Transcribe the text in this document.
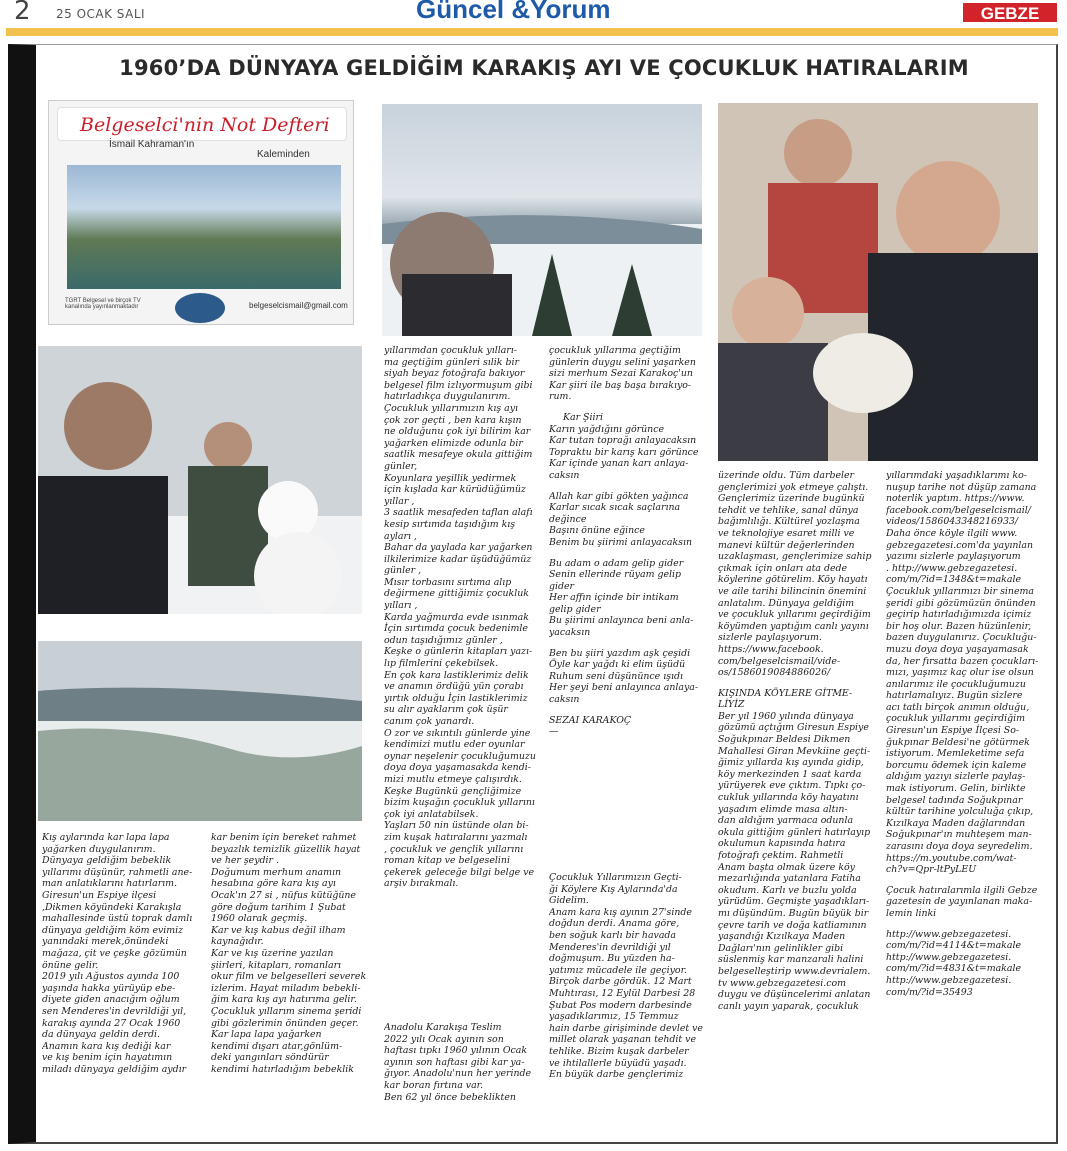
2 25 OCAK SALI	Güncel &Yorum	GEBZE
1960’DA DÜNYAYA GELDİĞİM KARAKIŞ AYI VE ÇOCUKLUK HATIRALARIM
Belgeselci'nin Not Defteri
İsmail Kahraman'ın
Kaleminden
TGRT Belgesel ve birçok TV kanalında yayınlanmaktadır	belgeselcismail@gmail.com

Kış aylarında kar lapa lapa

yağarken duygulanırım.

Dünyaya geldiğim bebeklik

yıllarımı düşünür, rahmetli ane-

man anlatıklarını hatırlarım.

Giresun'un Espiye ilçesi

,Dikmen köyündeki Karakışla

mahallesinde üstü toprak damlı

dünyaya geldiğim köm evimiz

yanındaki merek,önündeki

mağaza, çit ve çeşke gözümün

önüne gelir.

2019 yılı Ağustos ayında 100

yaşında hakka yürüyüp ebe-

diyete giden anacığım oğlum

sen Menderes'in devrildiği yıl,

karakış ayında 27 Ocak 1960

da dünyaya geldin derdi.

Anamın kara kış dediği kar

ve kış benim için hayatımın

miladı dünyaya geldiğim aydır

kar benim için bereket rahmet

beyazlık temizlik güzellik hayat

ve her şeydir .

Doğumum merhum anamın

hesabına göre kara kış ayı

Ocak'ın 27 si , nüfus kütüğüne

göre doğum tarihim 1 Şubat

1960 olarak geçmiş.

Kar ve kış kabus değil ilham

kaynağıdır.

Kar ve kış üzerine yazılan

şiirleri, kitapları, romanları

okur film ve belgeselleri severek

izlerim. Hayat miladım bebekli-

ğim kara kış ayı hatırıma gelir.

Çocukluk yıllarım sinema şeridi

gibi gözlerimin önünden geçer.

Kar lapa lapa yağarken

kendimi dışarı atar,gönlüm-

deki yangınları söndürür

kendimi hatırladığım bebeklik

yıllarımdan çocukluk yılları-

ma geçtiğim günleri sılik bir

siyah beyaz fotoğrafa bakıyor

belgesel film izlıyormuşum gibi

hatırladıkça duygulanırım.

Çocukluk yıllarımızın kış ayı

çok zor geçti , ben kara kışın

ne olduğunu çok iyi bilirim kar

yağarken elimizde odunla bir

saatlik mesafeye okula gittiğim

günler,

Koyunlara yeşillik yedirmek

için kışlada kar kürüdüğümüz

yıllar ,

3 saatlik mesafeden taflan alafı

kesip sırtımda taşıdığım kış

ayları ,

Bahar da yaylada kar yağarken

ilkilerimize kadar üşüdüğümüz

günler ,

Mısır torbasını sırtıma alıp

değirmene gittiğimiz çocukluk

yılları ,

Karda yağmurda evde ısınmak

İçin sırtımda çocuk bedenimle

odun taşıdığımız günler ,

Keşke o günlerin kitapları yazı-

lıp filmlerini çekebilsek.

En çok kara lastiklerimiz delik

ve anamın ördüğü yün çorabı

yırtık olduğu İçin lastiklerimiz

su alır ayaklarım çok üşür

canım çok yanardı.

O zor ve sıkıntılı günlerde yine

kendimizi mutlu eder oyunlar

oynar neşelenir çocukluğumuzu

doya doya yaşamasakda kendi-

mizi mutlu etmeye çalışırdık.

Keşke Bugünkü gençliğimize

bizim kuşağın çocukluk yıllarını

çok iyi anlatabilsek.

Yaşları 50 nin üstünde olan bi-

zim kuşak hatıralarını yazmalı

, çocukluk ve gençlik yıllarını

roman kitap ve belgeselini

çekerek geleceğe bilgi belge ve

arşiv bırakmalı.

Anadolu Karakışa Teslim

2022 yılı Ocak ayının son

haftası tıpkı 1960 yılının Ocak

ayının son haftası gibi kar ya-

ğıyor. Anadolu'nun her yerinde

kar boran fırtına var.

Ben 62 yıl önce bebeklikten

çocukluk yıllarıma geçtiğim

günlerin duygu selini yaşarken

sizi merhum Sezai Karakoç'un

Kar şiiri ile baş başa bırakıyo-

rum.

Kar Şiiri

Karın yağdığını görünce

Kar tutan toprağı anlayacaksın

Topraktu bir karış karı görünce

Kar içinde yanan karı anlaya-

caksın

Allah kar gibi gökten yağınca

Karlar sıcak sıcak saçlarına

değince

Başını önüne eğince

Benim bu şiirimi anlayacaksın

Bu adam o adam gelip gider

Senin ellerinde rüyam gelip

gider

Her affın içinde bir intikam

gelip gider

Bu şiirimi anlayınca beni anla-

yacaksın

Ben bu şiiri yazdım aşk çeşidi

Öyle kar yağdı ki elim üşüdü

Ruhum seni düşününce ışıdı

Her şeyi beni anlayınca anlaya-

caksın

SEZAI KARAKOÇ

—

Çocukluk Yıllarımızın Geçti-

ği Köylere Kış Aylarında'da

Gidelim.

Anam kara kış ayının 27'sinde

doğdun derdi. Anama göre,

ben soğuk karlı bir havada

Menderes'in devrildiği yıl

doğmuşum. Bu yüzden ha-

yatımız mücadele ile geçiyor.

Birçok darbe gördük. 12 Mart

Muhtırası, 12 Eylül Darbesi 28

Şubat Pos modern darbesinde

yaşadıklarımız, 15 Temmuz

hain darbe girişiminde devlet ve

millet olarak yaşanan tehdit ve

tehlike. Bizim kuşak darbeler

ve ihtilallerle büyüdü yaşadı.

En büyük darbe gençlerimiz

üzerinde oldu. Tüm darbeler

gençlerimizi yok etmeye çalıştı.

Gençlerimiz üzerinde bugünkü

tehdit ve tehlike, sanal dünya

bağımlılığı. Kültürel yozlaşma

ve teknolojiye esaret milli ve

manevi kültür değerlerinden

uzaklaşması, gençlerimize sahip

çıkmak için onları ata dede

köylerine götürelim. Köy hayatı

ve aile tarihi bilincinin önemini

anlatalım. Dünyaya geldiğim

ve çocukluk yıllarımı geçirdiğim

köyümden yaptığım canlı yayını

sizlerle paylaşıyorum.

https://www.facebook.

com/belgeselcismail/vide-

os/1586019084886026/

KIŞINDA KÖYLERE GİTME-

LİYİZ

Ber yıl 1960 yılında dünyaya

gözümü açtığım Giresun Espiye

Soğukpınar Beldesi Dikmen

Mahallesi Giran Mevkiine geçti-

ğimiz yıllarda kış ayında gidip,

köy merkezinden 1 saat karda

yürüyerek eve çıktım. Tıpkı ço-

cukluk yıllarında köy hayatını

yaşadım elimde masa altın-

dan aldığım yarmaca odunla

okula gittiğim günleri hatırlayıp

okulumun kapısında hatıra

fotoğrafı çektim. Rahmetli

Anam başta olmak üzere köy

mezarlığında yatanlara Fatiha

okudum. Karlı ve buzlu yolda

yürüdüm. Geçmişte yaşadıkları-

mı düşündüm. Bugün büyük bir

çevre tarih ve doğa katliamının

yaşandığı Kızılkaya Maden

Dağları'nın gelinlikler gibi

süslenmiş kar manzarali halini

belgeselleştirip www.devrialem.

tv www.gebzegazetesi.com

duygu ve düşüncelerimi anlatan

canlı yayın yaparak, çocukluk

yıllarımdaki yaşadıklarımı ko-

nuşup tarihe not düşüp zamana

noterlik yaptım. https://www.

facebook.com/belgeselcismail/

videos/1586043348216933/

Daha önce köyle ilgili www.

gebzegazetesi.com'da yayınlan

yazımı sizlerle paylaşıyorum

. http://www.gebzegazetesi.

com/m/?id=1348&t=makale

Çocukluk yıllarımızı bir sinema

şeridi gibi gözümüzün önünden

geçirip hatırladığımızda içimiz

bir hoş olur. Bazen hüzünlenir,

bazen duygulanırız. Çocukluğu-

muzu doya doya yaşayamasak

da, her fırsatta bazen çocukları-

mızı, yaşımız kaç olur ise olsun

anılarımız ile çocukluğumuzu

hatırlamalıyız. Bugün sizlere

acı tatlı birçok anımın olduğu,

çocukluk yıllarımı geçirdiğim

Giresun'un Espiye İlçesi So-

ğukpınar Beldesi'ne götürmek

istiyorum. Memleketime sefa

borcumu ödemek için kaleme

aldığım yazıyı sizlerle paylaş-

mak istiyorum. Gelin, birlikte

belgesel tadında Soğukpınar

kültür tarihine yolculuğa çıkıp,

Kızılkaya Maden dağlarından

Soğukpınar'ın muhteşem man-

zarasını doya doya seyredelim.

https://m.youtube.com/wat-

ch?v=Qpr-ltPyLEU

Çocuk hatıralarımla ilgili Gebze

gazetesin de yayınlanan maka-

lemin linki

http://www.gebzegazetesi.

com/m/?id=4114&t=makale

http://www.gebzegazetesi.

com/m/?id=4831&t=makale

http://www.gebzegazetesi.

com/m/?id=35493
